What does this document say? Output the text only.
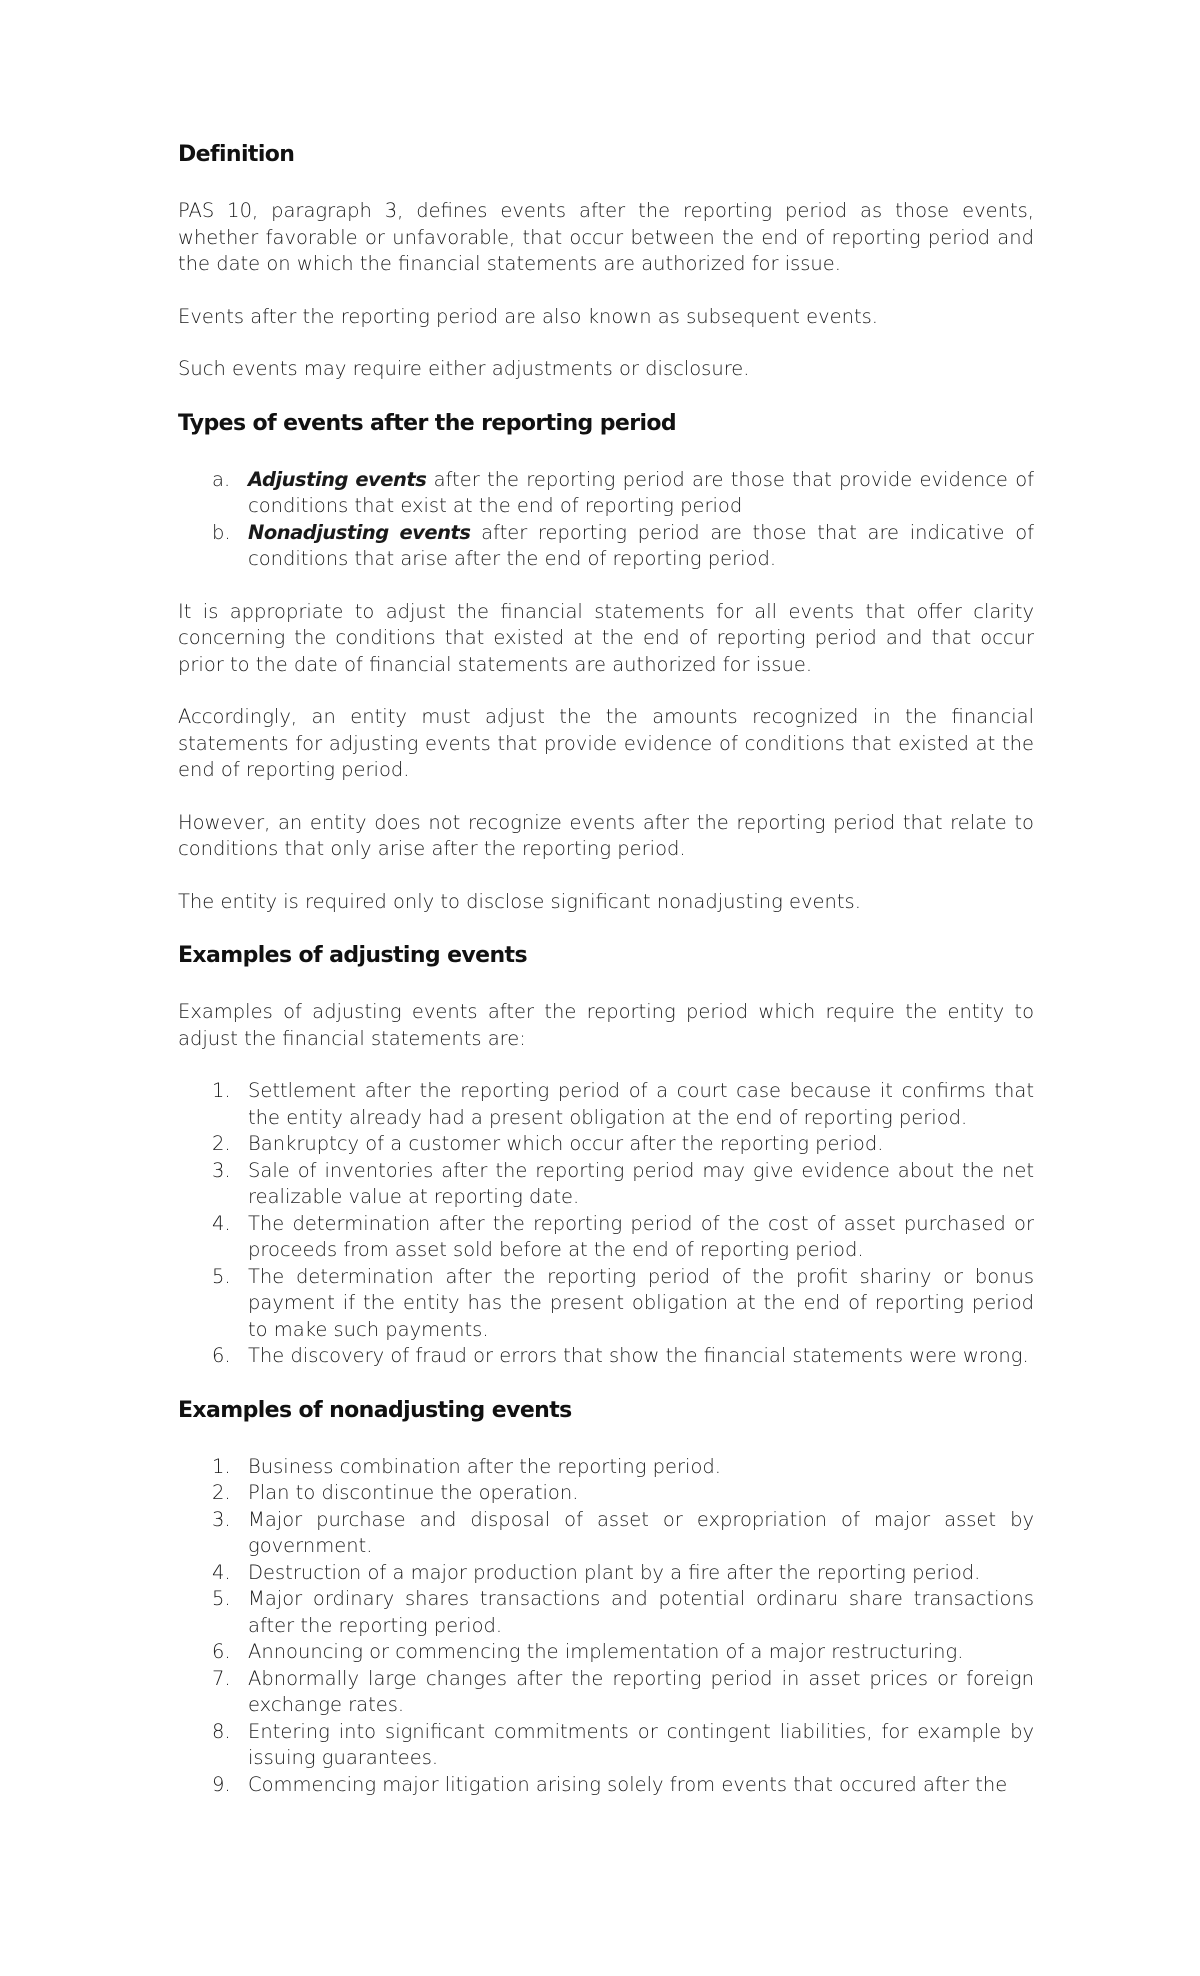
Definition

PAS 10, paragraph 3, defines events after the reporting period as those events, whether favorable or unfavorable, that occur between the end of reporting period and the date on which the financial statements are authorized for issue.

Events after the reporting period are also known as subsequent events.

Such events may require either adjustments or disclosure.

Types of events after the reporting period
a. Adjusting events after the reporting period are those that provide evidence of conditions that exist at the end of reporting period
b. Nonadjusting events after reporting period are those that are indicative of conditions that arise after the end of reporting period.

It is appropriate to adjust the financial statements for all events that offer clarity concerning the conditions that existed at the end of reporting period and that occur prior to the date of financial statements are authorized for issue.

Accordingly, an entity must adjust the the amounts recognized in the financial statements for adjusting events that provide evidence of conditions that existed at the end of reporting period.

However, an entity does not recognize events after the reporting period that relate to conditions that only arise after the reporting period.

The entity is required only to disclose significant nonadjusting events.

Examples of adjusting events

Examples of adjusting events after the reporting period which require the entity to adjust the financial statements are:

1. Settlement after the reporting period of a court case because it confirms that the entity already had a present obligation at the end of reporting period.
2. Bankruptcy of a customer which occur after the reporting period.
3. Sale of inventories after the reporting period may give evidence about the net realizable value at reporting date.
4. The determination after the reporting period of the cost of asset purchased or proceeds from asset sold before at the end of reporting period.
5. The determination after the reporting period of the profit shariny or bonus payment if the entity has the present obligation at the end of reporting period to make such payments.
6. The discovery of fraud or errors that show the financial statements were wrong.
Examples of nonadjusting events
1. Business combination after the reporting period.
2. Plan to discontinue the operation.
3. Major purchase and disposal of asset or expropriation of major asset by government.
4. Destruction of a major production plant by a fire after the reporting period.
5. Major ordinary shares transactions and potential ordinaru share transactions after the reporting period.
6. Announcing or commencing the implementation of a major restructuring.
7. Abnormally large changes after the reporting period in asset prices or foreign exchange rates.
8. Entering into significant commitments or contingent liabilities, for example by issuing guarantees.
9. Commencing major litigation arising solely from events that occured after the
